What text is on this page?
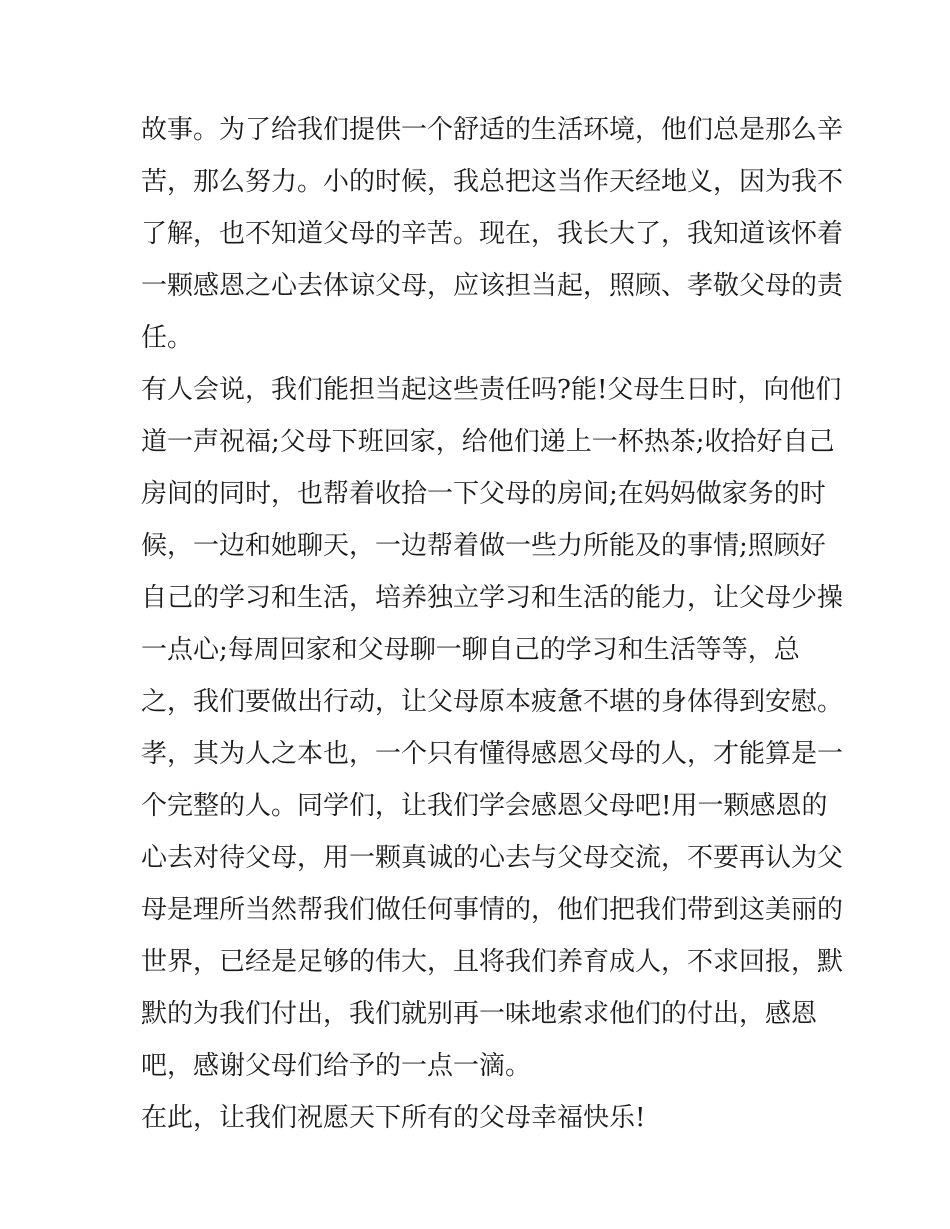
故事。为了给我们提供一个舒适的生活环境，他们总是那么辛
苦，那么努力。小的时候，我总把这当作天经地义，因为我不
了解，也不知道父母的辛苦。现在，我长大了，我知道该怀着
一颗感恩之心去体谅父母，应该担当起，照顾、孝敬父母的责
任。
有人会说，我们能担当起这些责任吗?能!父母生日时，向他们
道一声祝福;父母下班回家，给他们递上一杯热茶;收拾好自己
房间的同时，也帮着收拾一下父母的房间;在妈妈做家务的时
候，一边和她聊天，一边帮着做一些力所能及的事情;照顾好
自己的学习和生活，培养独立学习和生活的能力，让父母少操
一点心;每周回家和父母聊一聊自己的学习和生活等等，总
之，我们要做出行动，让父母原本疲惫不堪的身体得到安慰。
孝，其为人之本也，一个只有懂得感恩父母的人，才能算是一
个完整的人。同学们，让我们学会感恩父母吧!用一颗感恩的
心去对待父母，用一颗真诚的心去与父母交流，不要再认为父
母是理所当然帮我们做任何事情的，他们把我们带到这美丽的
世界，已经是足够的伟大，且将我们养育成人，不求回报，默
默的为我们付出，我们就别再一味地索求他们的付出，感恩
吧，感谢父母们给予的一点一滴。
在此，让我们祝愿天下所有的父母幸福快乐!
